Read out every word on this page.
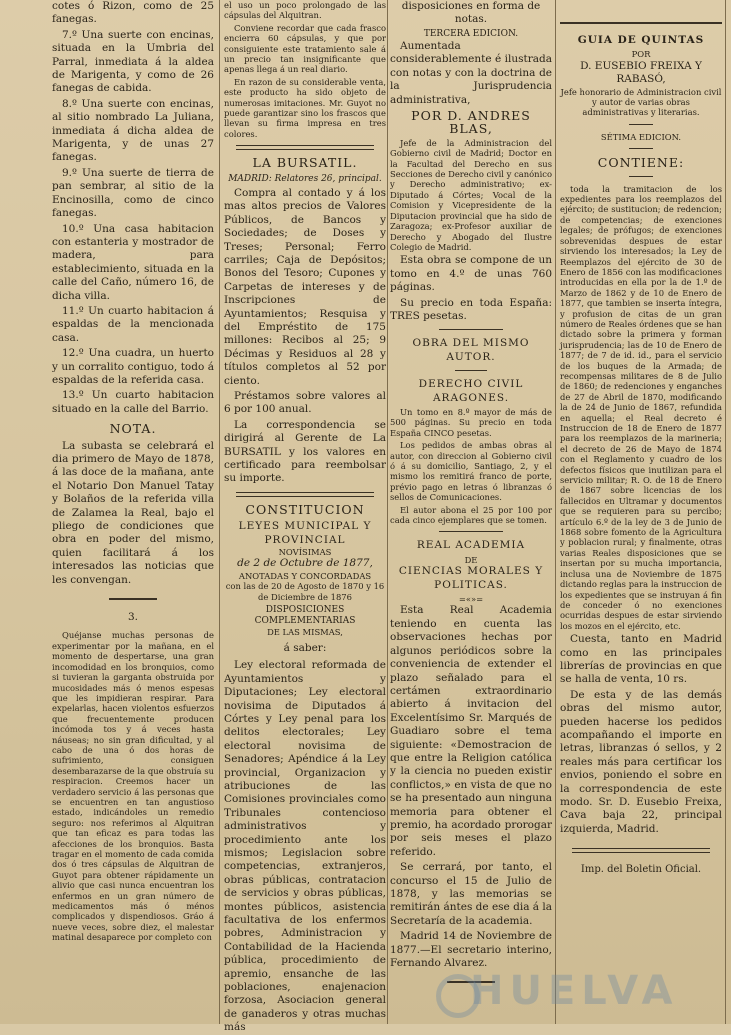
cotes ó Rizon, como de 25 fanegas.

7.º Una suerte con encinas, situada en la Umbria del Parral, inmediata á la aldea de Marigenta, y como de 26 fanegas de cabida.

8.º Una suerte con encinas, al sitio nombrado La Juliana, inmediata á dicha aldea de Marigenta, y de unas 27 fanegas.

9.º Una suerte de tierra de pan sembrar, al sitio de la Encinosilla, como de cinco fanegas.

10.º Una casa habitacion con estanteria y mostrador de madera, para establecimiento, situada en la calle del Caño, número 16, de dicha villa.

11.º Un cuarto habitacion á espaldas de la mencionada casa.

12.º Una cuadra, un huerto y un corralito contiguo, todo á espaldas de la referida casa.

13.º Un cuarto habitacion situado en la calle del Barrio.

NOTA.

La subasta se celebrará el dia primero de Mayo de 1878, á las doce de la mañana, ante el Notario Don Manuel Tatay y Bolaños de la referida villa de Zalamea la Real, bajo el pliego de condiciones que obra en poder del mismo, quien facilitará á los interesados las noticias que les convengan.

3.

Quéjanse muchas personas de experimentar por la mañana, en el momento de despertarse, una gran incomodidad en los bronquios, como si tuvieran la garganta obstruida por mucosidades más ó menos espesas que les impidieran respirar. Para expelarlas, hacen violentos esfuerzos que frecuentemente producen incómoda tos y á veces hasta náuseas; no sin gran dificultad, y al cabo de una ó dos horas de sufrimiento, consiguen desembarazarse de la que obstruía su respiracion. Creemos hacer un verdadero servicio á las personas que se encuentren en tan angustioso estado, indicándoles un remedio seguro: nos referimos al Alquitran que tan eficaz es para todas las afecciones de los bronquios. Basta tragar en el momento de cada comida dos ó tres cápsulas de Alquitran de Guyot para obtener rápidamente un alivio que casi nunca encuentran los enfermos en un gran número de medicamentos más ó ménos complicados y dispendiosos. Gráo á nueve veces, sobre diez, el malestar matinal desaparece por completo con

el uso un poco prolongado de las cápsulas del Alquitran.

Conviene recordar que cada frasco encierra 60 cápsulas, y que por consiguiente este tratamiento sale á un precio tan insignificante que apenas llega á un real diario.

En razon de su considerable venta, este producto ha sido objeto de numerosas imitaciones. Mr. Guyot no puede garantizar sino los frascos que llevan su firma impresa en tres colores.

LA BURSATIL.

MADRID: Relatores 26, principal.

Compra al contado y á los mas altos precios de Valores Públicos, de Bancos y Sociedades; de Doses y Treses; Personal; Ferro carriles; Caja de Depósitos; Bonos del Tesoro; Cupones y Carpetas de intereses y de Inscripciones de Ayuntamientos; Resquisa y del Empréstito de 175 millones: Recibos al 25; 9 Décimas y Residuos al 28 y títulos completos al 52 por ciento.

Préstamos sobre valores al 6 por 100 anual.

La correspondencia se dirigirá al Gerente de La BURSATIL y los valores en certificado para reembolsar su importe.

CONSTITUCION
LEYES MUNICIPAL Y PROVINCIAL
NOVÍSIMAS
de 2 de Octubre de 1877,
ANOTADAS Y CONCORDADAS
con las de 20 de Agosto de 1870 y 16 de Diciembre de 1876
DISPOSICIONES COMPLEMENTARIAS
DE LAS MISMAS,
á saber:

Ley electoral reformada de Ayuntamientos y Diputaciones; Ley electoral novisima de Diputados á Córtes y Ley penal para los delitos electorales; Ley electoral novisima de Senadores; Apéndice á la Ley provincial, Organizacion y atribuciones de las Comisiones provinciales como Tribunales contencioso administrativos y procedimiento ante los mismos; Legislacion sobre competencias, extranjeros, obras públicas, contratacion de servicios y obras públicas, montes públicos, asistencia facultativa de los enfermos pobres, Administracion y Contabilidad de la Hacienda pública, procedimiento de apremio, ensanche de las poblaciones, enajenacion forzosa, Asociacion general de ganaderos y otras muchas más

disposiciones en forma de notas.

TERCERA EDICION.

Aumentada considerablemente é ilustrada con notas y con la doctrina de la Jurisprudencia administrativa,

POR D. ANDRES BLAS,

Jefe de la Administracion del Gobierno civil de Madrid; Doctor en la Facultad del Derecho en sus Secciones de Derecho civil y canónico y Derecho administrativo; ex-Diputado á Córtes; Vocal de la Comision y Vicepresidente de la Diputacion provincial que ha sido de Zaragoza; ex-Profesor auxiliar de Derecho y Abogado del Ilustre Colegio de Madrid.

Esta obra se compone de un tomo en 4.º de unas 760 páginas.

Su precio en toda España: TRES pesetas.

OBRA DEL MISMO AUTOR.
DERECHO CIVIL ARAGONES.

Un tomo en 8.º mayor de más de 500 páginas. Su precio en toda España CINCO pesetas.

Los pedidos de ambas obras al autor, con direccion al Gobierno civil ó á su domicilio, Santiago, 2, y el mismo los remitirá franco de porte, prévio pago en letras ó libranzas ó sellos de Comunicaciones.

El autor abona el 25 por 100 por cada cinco ejemplares que se tomen.

REAL ACADEMIA
DE
CIENCIAS MORALES Y POLITICAS.
=«»=

Esta Real Academia teniendo en cuenta las observaciones hechas por algunos periódicos sobre la conveniencia de extender el plazo señalado para el certámen extraordinario abierto á invitacion del Excelentísimo Sr. Marqués de Guadiaro sobre el tema siguiente: «Demostracion de que entre la Religion católica y la ciencia no pueden existir conflictos,» en vista de que no se ha presentado aun ninguna memoria para obtener el premio, ha acordado prorogar por seis meses el plazo referido.

Se cerrará, por tanto, el concurso el 15 de Julio de 1878, y las memorias se remitirán ántes de ese dia á la Secretaría de la academia.

Madrid 14 de Noviembre de 1877.—El secretario interino, Fernando Alvarez.

GUIA DE QUINTAS
POR
D. EUSEBIO FREIXA Y RABASÓ,

Jefe honorario de Administracion civil y autor de varias obras administrativas y literarias.

SÉTIMA EDICION.
CONTIENE:

toda la tramitacion de los expedientes para los reemplazos del ejército; de sustitucion; de redencion; de competencias; de exenciones legales; de prófugos; de exenciones sobrevenidas despues de estar sirviendo los interesados; la Ley de Reemplazos del ejército de 30 de Enero de 1856 con las modificaciones introducidas en ella por la de 1.º de Marzo de 1862 y de 10 de Enero de 1877, que tambien se inserta íntegra, y profusion de citas de un gran número de Reales órdenes que se han dictado sobre la primera y forman jurisprudencia; las de 10 de Enero de 1877; de 7 de id. id., para el servicio de los buques de la Armada; de recompensas militares de 8 de Julio de 1860; de redenciones y enganches de 27 de Abril de 1870, modificando la de 24 de Junio de 1867, refundida en aquella; el Real decreto é Instruccion de 18 de Enero de 1877 para los reemplazos de la marineria; el decreto de 26 de Mayo de 1874 con el Reglamento y cuadro de los defectos físicos que inutilizan para el servicio militar; R. O. de 18 de Enero de 1867 sobre licencias de los fallecidos en Ultramar y documentos que se requieren para su percibo; artículo 6.º de la ley de 3 de Junio de 1868 sobre fomento de la Agricultura y poblacion rural; y finalmente, otras varias Reales disposiciones que se insertan por su mucha importancia, inclusa una de Noviembre de 1875 dictando reglas para la instruccion de los expedientes que se instruyan á fin de conceder ó no exenciones ocurridas despues de estar sirviendo los mozos en el ejército, etc.

Cuesta, tanto en Madrid como en las principales librerías de provincias en que se halla de venta, 10 rs.

De esta y de las demás obras del mismo autor, pueden hacerse los pedidos acompañando el importe en letras, libranzas ó sellos, y 2 reales más para certificar los envios, poniendo el sobre en la correspondencia de este modo. Sr. D. Eusebio Freixa, Cava baja 22, principal izquierda, Madrid.

Imp. del Boletin Oficial.
HUELVA
